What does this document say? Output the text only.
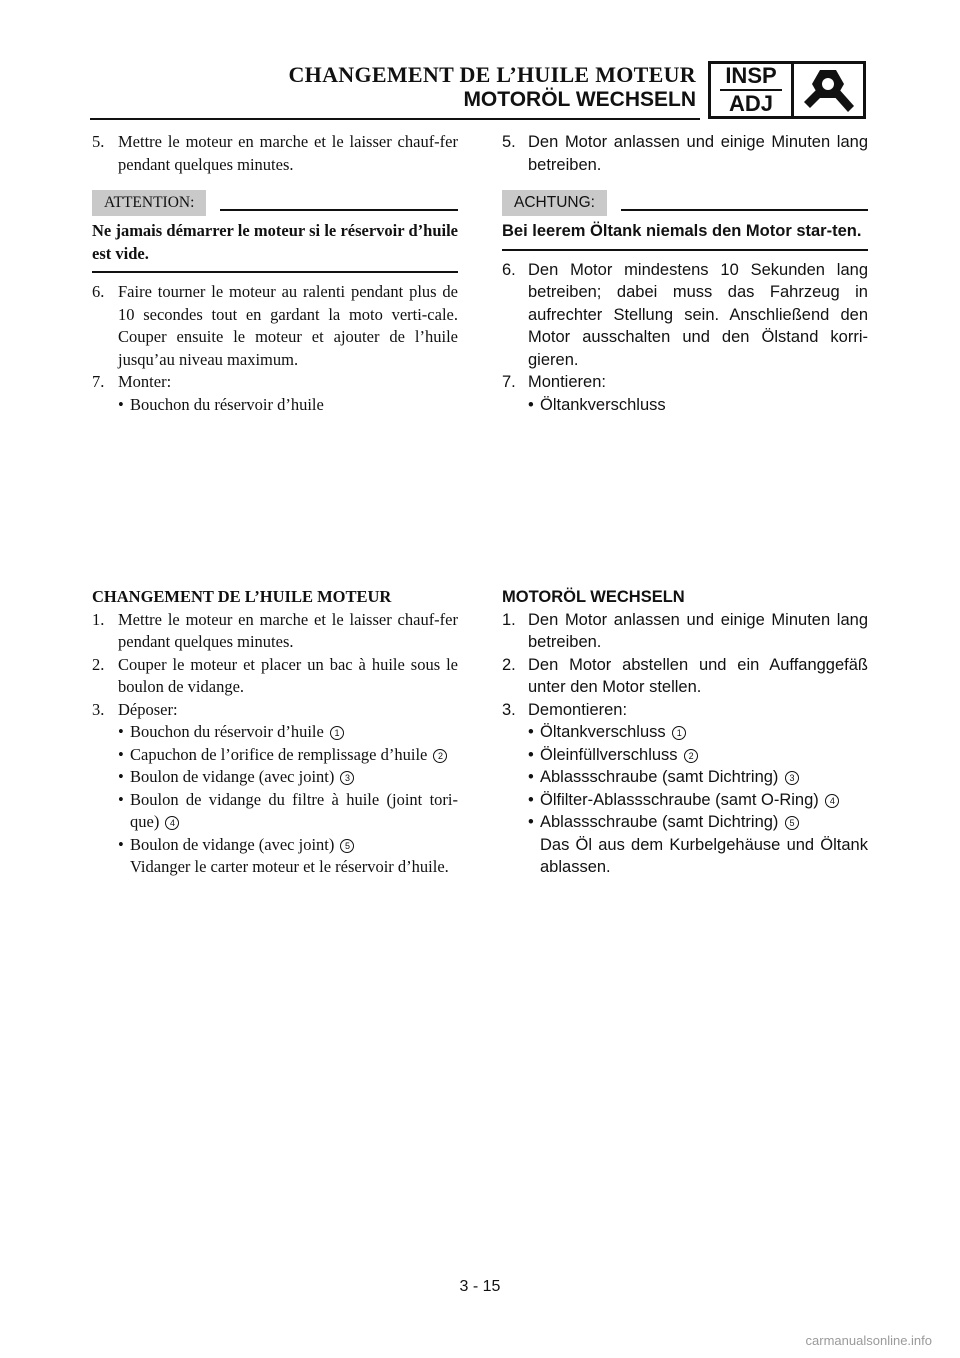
CHANGEMENT DE L’HUILE MOTEUR
MOTORÖL WECHSELN
INSP
ADJ
5. Mettre le moteur en marche et le laisser chauf-fer pendant quelques minutes.
ATTENTION:
Ne jamais démarrer le moteur si le réservoir d’huile est vide.
6. Faire tourner le moteur au ralenti pendant plus de 10 secondes tout en gardant la moto verti-cale. Couper ensuite le moteur et ajouter de l’huile jusqu’au niveau maximum.
7. Monter:
• Bouchon du réservoir d’huile
5. Den Motor anlassen und einige Minuten lang betreiben.
ACHTUNG:
Bei leerem Öltank niemals den Motor star-ten.
6. Den Motor mindestens 10 Sekunden lang betreiben; dabei muss das Fahrzeug in aufrechter Stellung sein. Anschließend den Motor ausschalten und den Ölstand korri-gieren.
7. Montieren:
• Öltankverschluss
CHANGEMENT DE L’HUILE MOTEUR
1. Mettre le moteur en marche et le laisser chauf-fer pendant quelques minutes.
2. Couper le moteur et placer un bac à huile sous le boulon de vidange.
3. Déposer:
• Bouchon du réservoir d’huile 1
• Capuchon de l’orifice de remplissage d’huile 2
• Boulon de vidange (avec joint) 3
• Boulon de vidange du filtre à huile (joint tori-que) 4
• Boulon de vidange (avec joint) 5
Vidanger le carter moteur et le réservoir d’huile.
MOTORÖL WECHSELN
1. Den Motor anlassen und einige Minuten lang betreiben.
2. Den Motor abstellen und ein Auffanggefäß unter den Motor stellen.
3. Demontieren:
• Öltankverschluss 1
• Öleinfüllverschluss 2
• Ablassschraube (samt Dichtring) 3
• Ölfilter-Ablassschraube (samt O-Ring) 4
• Ablassschraube (samt Dichtring) 5
Das Öl aus dem Kurbelgehäuse und Öltank ablassen.
3 - 15
carmanualsonline.info
